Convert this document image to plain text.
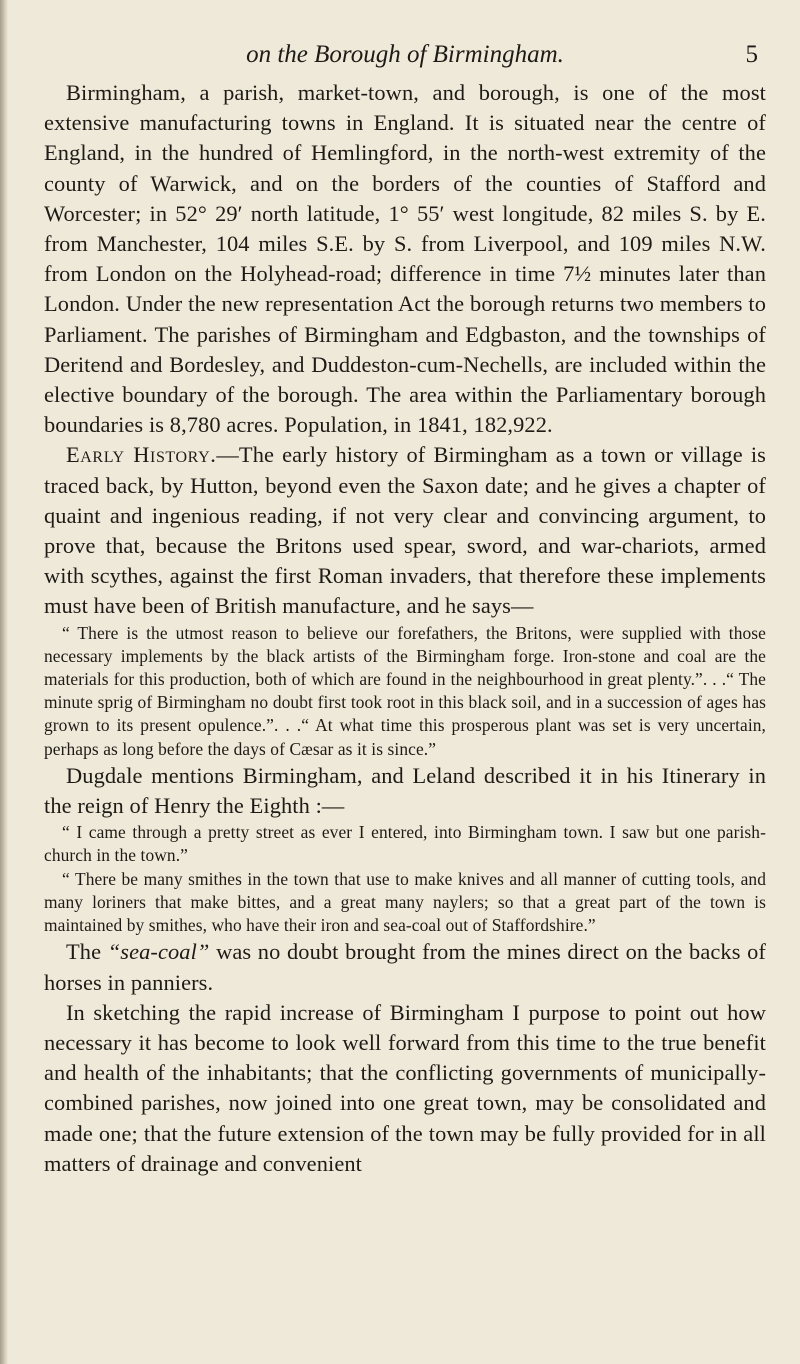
on the Borough of Birmingham.	5

Birmingham, a parish, market-town, and borough, is one of the most extensive manufacturing towns in England. It is situated near the centre of England, in the hundred of Hemlingford, in the north-west extremity of the county of Warwick, and on the borders of the counties of Stafford and Worcester; in 52° 29′ north latitude, 1° 55′ west longitude, 82 miles S. by E. from Manchester, 104 miles S.E. by S. from Liverpool, and 109 miles N.W. from London on the Holyhead-road; difference in time 7½ minutes later than London. Under the new representation Act the borough returns two members to Parliament. The parishes of Birmingham and Edgbaston, and the townships of Deritend and Bordesley, and Duddeston-cum-Nechells, are included within the elective boundary of the borough. The area within the Parliamentary borough boundaries is 8,780 acres. Population, in 1841, 182,922.

Early History.—The early history of Birmingham as a town or village is traced back, by Hutton, beyond even the Saxon date; and he gives a chapter of quaint and ingenious reading, if not very clear and convincing argument, to prove that, because the Britons used spear, sword, and war-chariots, armed with scythes, against the first Roman invaders, that therefore these implements must have been of British manufacture, and he says—

“ There is the utmost reason to believe our forefathers, the Britons, were supplied with those necessary implements by the black artists of the Birmingham forge. Iron-stone and coal are the materials for this production, both of which are found in the neighbourhood in great plenty.”. . .“ The minute sprig of Birmingham no doubt first took root in this black soil, and in a succession of ages has grown to its present opulence.”. . .“ At what time this prosperous plant was set is very uncertain, perhaps as long before the days of Cæsar as it is since.”

Dugdale mentions Birmingham, and Leland described it in his Itinerary in the reign of Henry the Eighth :—

“ I came through a pretty street as ever I entered, into Birmingham town. I saw but one parish-church in the town.”

“ There be many smithes in the town that use to make knives and all manner of cutting tools, and many loriners that make bittes, and a great many naylers; so that a great part of the town is maintained by smithes, who have their iron and sea-coal out of Staffordshire.”

The “sea-coal” was no doubt brought from the mines direct on the backs of horses in panniers.

In sketching the rapid increase of Birmingham I purpose to point out how necessary it has become to look well forward from this time to the true benefit and health of the inhabitants; that the conflicting governments of municipally-combined parishes, now joined into one great town, may be consolidated and made one; that the future extension of the town may be fully provided for in all matters of drainage and convenient
